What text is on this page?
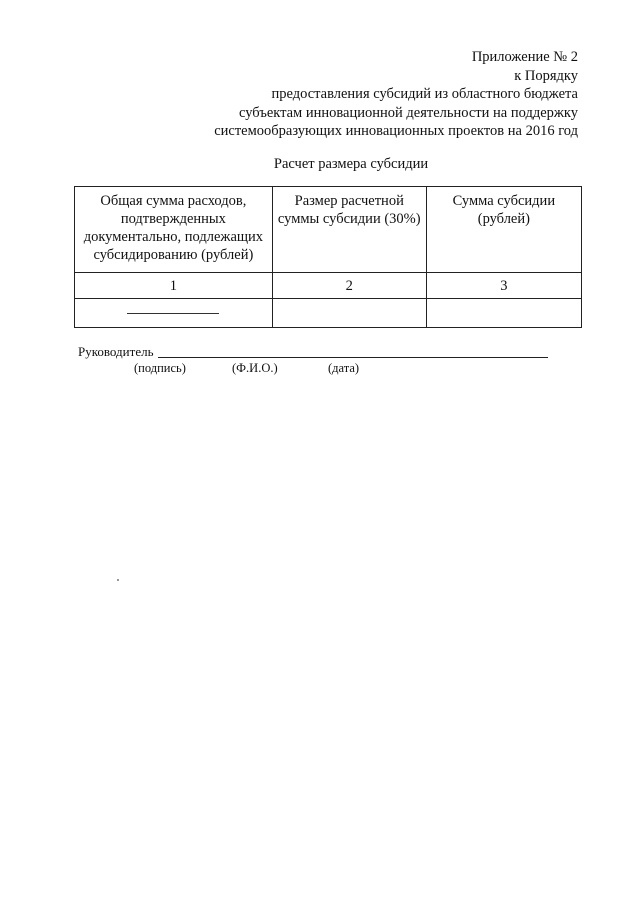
Приложение № 2
к Порядку
предоставления субсидий из областного бюджета
субъектам инновационной деятельности на поддержку
системообразующих инновационных проектов на 2016 год
Расчет размера субсидии
Общая сумма расходов, подтвержденных документально, подлежащих субсидированию (рублей)	Размер расчетной суммы субсидии (30%)	Сумма субсидии (рублей)
1	2	3

Руководитель
(подпись)	(Ф.И.О.)	(дата)
